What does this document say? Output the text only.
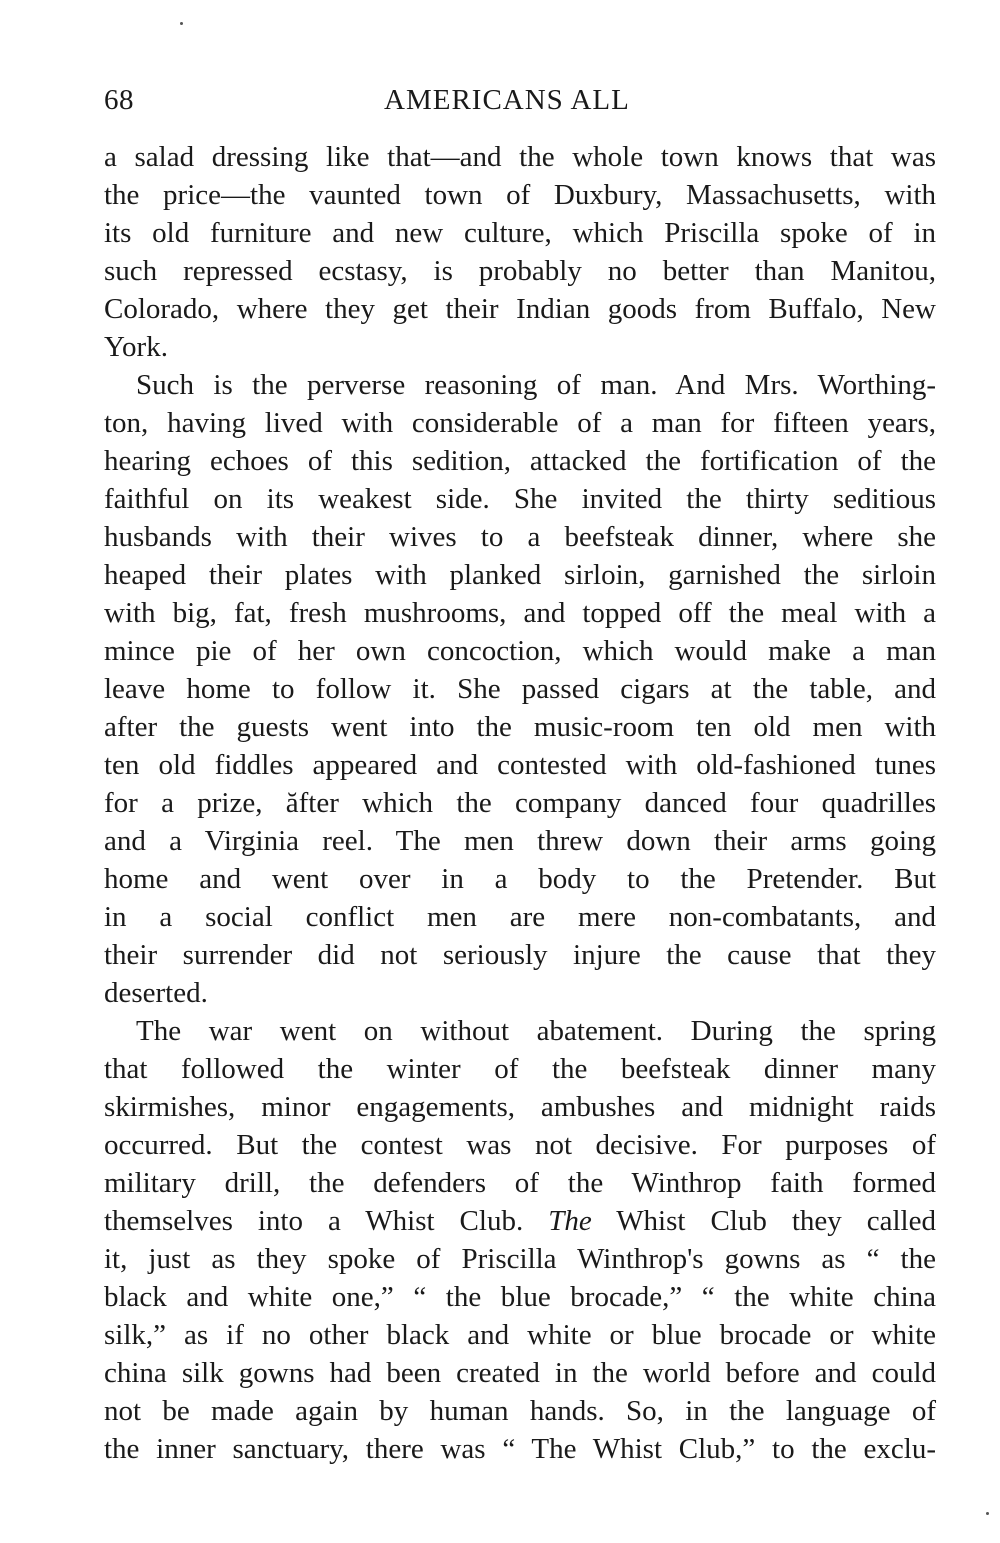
68	AMERICANS ALL
a salad dressing like that—and the whole town knows that was
the price—the vaunted town of Duxbury, Massachusetts, with
its old furniture and new culture, which Priscilla spoke of in
such repressed ecstasy, is probably no better than Manitou,
Colorado, where they get their Indian goods from Buffalo, New
York.
Such is the perverse reasoning of man. And Mrs. Worthing-
ton, having lived with considerable of a man for fifteen years,
hearing echoes of this sedition, attacked the fortification of the
faithful on its weakest side. She invited the thirty seditious
husbands with their wives to a beefsteak dinner, where she
heaped their plates with planked sirloin, garnished the sirloin
with big, fat, fresh mushrooms, and topped off the meal with a
mince pie of her own concoction, which would make a man
leave home to follow it. She passed cigars at the table, and
after the guests went into the music-room ten old men with
ten old fiddles appeared and contested with old-fashioned tunes
for a prize, ăfter which the company danced four quadrilles
and a Virginia reel. The men threw down their arms going
home and went over in a body to the Pretender. But
in a social conflict men are mere non-combatants, and
their surrender did not seriously injure the cause that they
deserted.
The war went on without abatement. During the spring
that followed the winter of the beefsteak dinner many
skirmishes, minor engagements, ambushes and midnight raids
occurred. But the contest was not decisive. For purposes of
military drill, the defenders of the Winthrop faith formed
themselves into a Whist Club. The Whist Club they called
it, just as they spoke of Priscilla Winthrop's gowns as “ the
black and white one,” “ the blue brocade,” “ the white china
silk,” as if no other black and white or blue brocade or white
china silk gowns had been created in the world before and could
not be made again by human hands. So, in the language of
the inner sanctuary, there was “ The Whist Club,” to the exclu-
